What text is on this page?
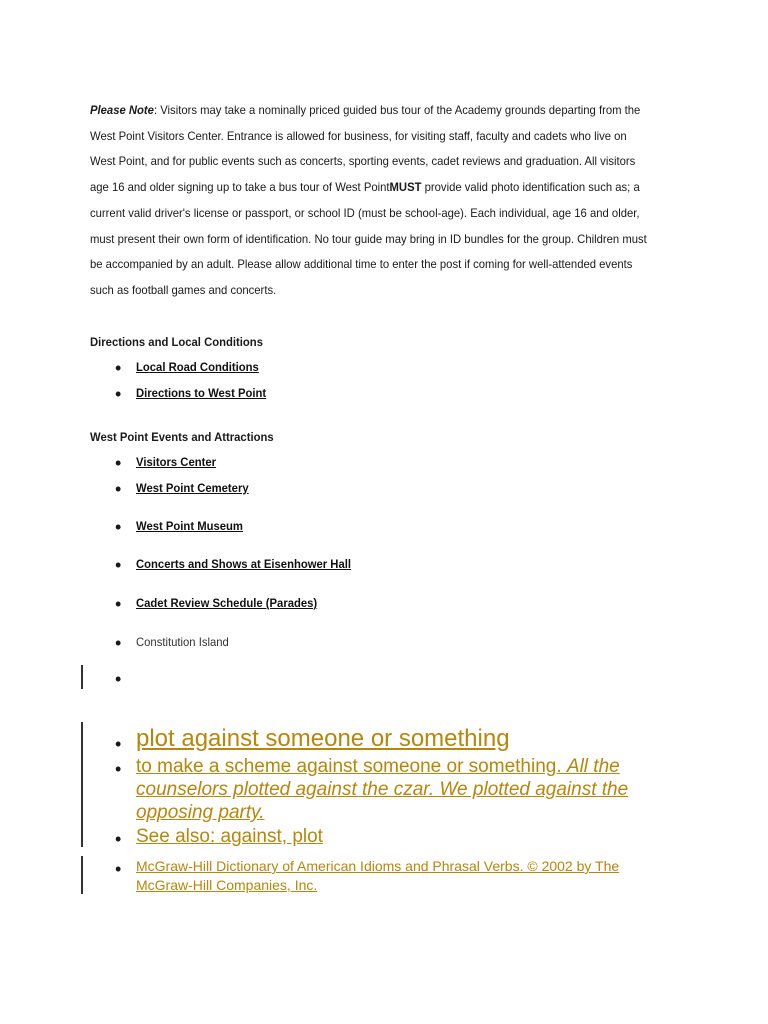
Please Note: Visitors may take a nominally priced guided bus tour of the Academy grounds departing from the West Point Visitors Center. Entrance is allowed for business, for visiting staff, faculty and cadets who live on West Point, and for public events such as concerts, sporting events, cadet reviews and graduation. All visitors age 16 and older signing up to take a bus tour of West PointMUST provide valid photo identification such as; a current valid driver's license or passport, or school ID (must be school-age). Each individual, age 16 and older, must present their own form of identification. No tour guide may bring in ID bundles for the group. Children must be accompanied by an adult. Please allow additional time to enter the post if coming for well-attended events such as football games and concerts.
Directions and Local Conditions
• Local Road Conditions
• Directions to West Point
West Point Events and Attractions
• Visitors Center
• West Point Cemetery
• West Point Museum
• Concerts and Shows at Eisenhower Hall
• Cadet Review Schedule (Parades)
• Constitution Island
•
• plot against someone or something
• to make a scheme against someone or something. All the counselors plotted against the czar. We plotted against the opposing party.
• See also: against, plot
• McGraw-Hill Dictionary of American Idioms and Phrasal Verbs. © 2002 by The McGraw-Hill Companies, Inc.
